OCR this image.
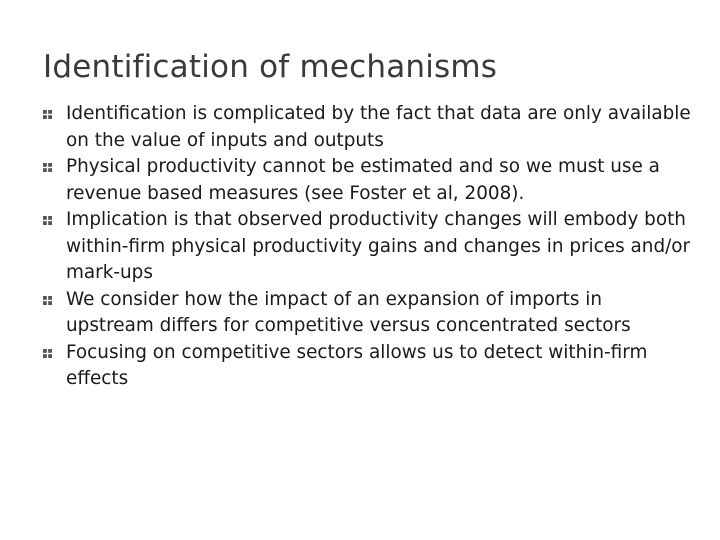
Identification of mechanisms
Identification is complicated by the fact that data are only available on the value of inputs and outputs
Physical productivity cannot be estimated and so we must use a revenue based measures (see Foster et al, 2008).
Implication is that observed productivity changes will embody both within-firm physical productivity gains and changes in prices and/or mark-ups
We consider how the impact of an expansion of imports in upstream differs for competitive versus concentrated sectors
Focusing on competitive sectors allows us to detect within-firm effects
